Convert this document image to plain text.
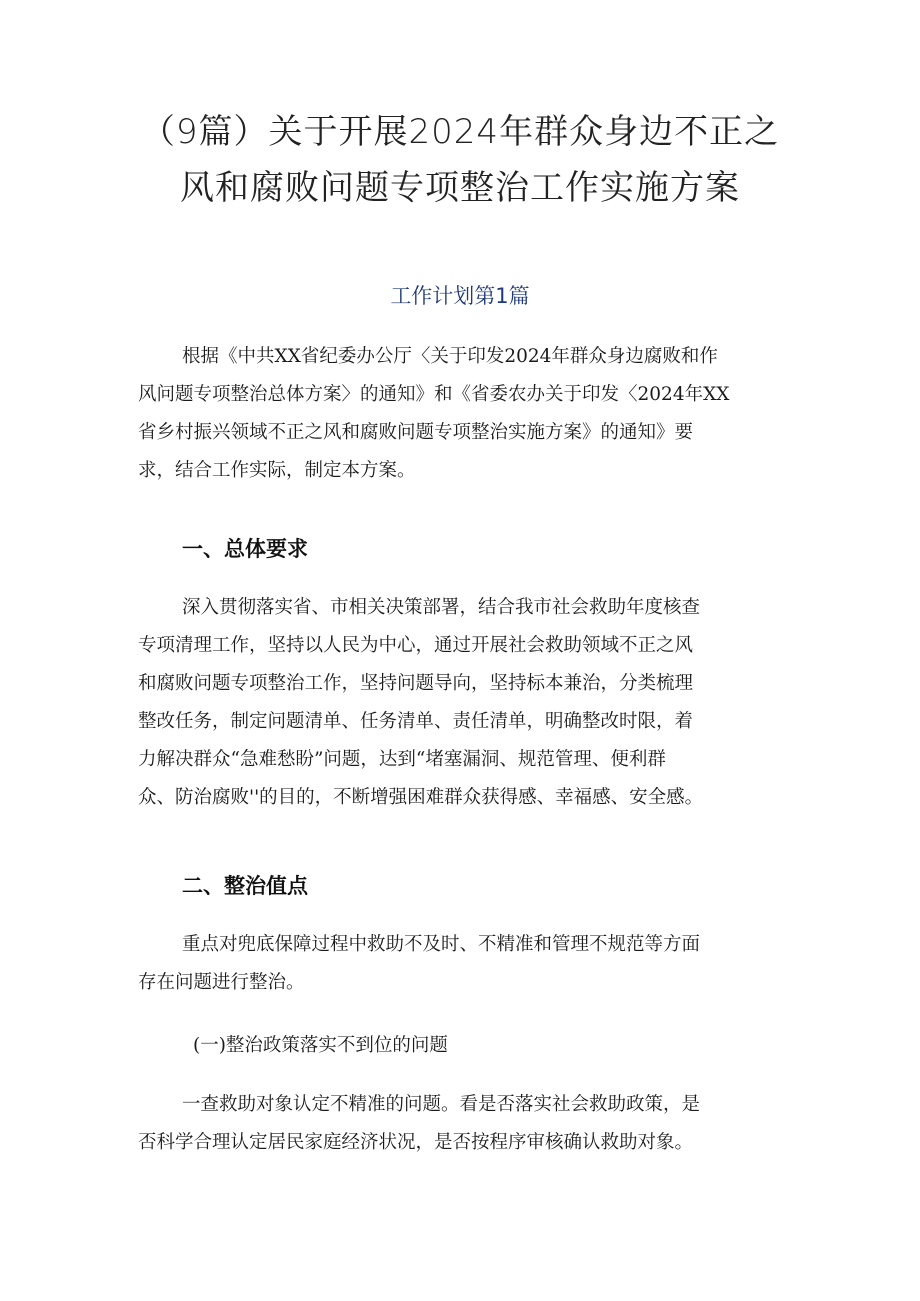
（9篇）关于开展2024年群众身边不正之
风和腐败问题专项整治工作实施方案
工作计划第1篇
根据《中共XX省纪委办公厅〈关于印发2024年群众身边腐败和作
风问题专项整治总体方案〉的通知》和《省委农办关于印发〈2024年XX
省乡村振兴领域不正之风和腐败问题专项整治实施方案》的通知》要
求，结合工作实际，制定本方案。
一、总体要求
深入贯彻落实省、市相关决策部署，结合我市社会救助年度核查
专项清理工作，坚持以人民为中心，通过开展社会救助领域不正之风
和腐败问题专项整治工作，坚持问题导向，坚持标本兼治，分类梳理
整改任务，制定问题清单、任务清单、责任清单，明确整改时限，着
力解决群众“急难愁盼”问题，达到“堵塞漏洞、规范管理、便利群
众、防治腐败''的目的，不断增强困难群众获得感、幸福感、安全感。
二、整治值点
重点对兜底保障过程中救助不及时、不精准和管理不规范等方面
存在问题进行整治。
(一)整治政策落实不到位的问题
一查救助对象认定不精准的问题。看是否落实社会救助政策，是
否科学合理认定居民家庭经济状况，是否按程序审核确认救助对象。
